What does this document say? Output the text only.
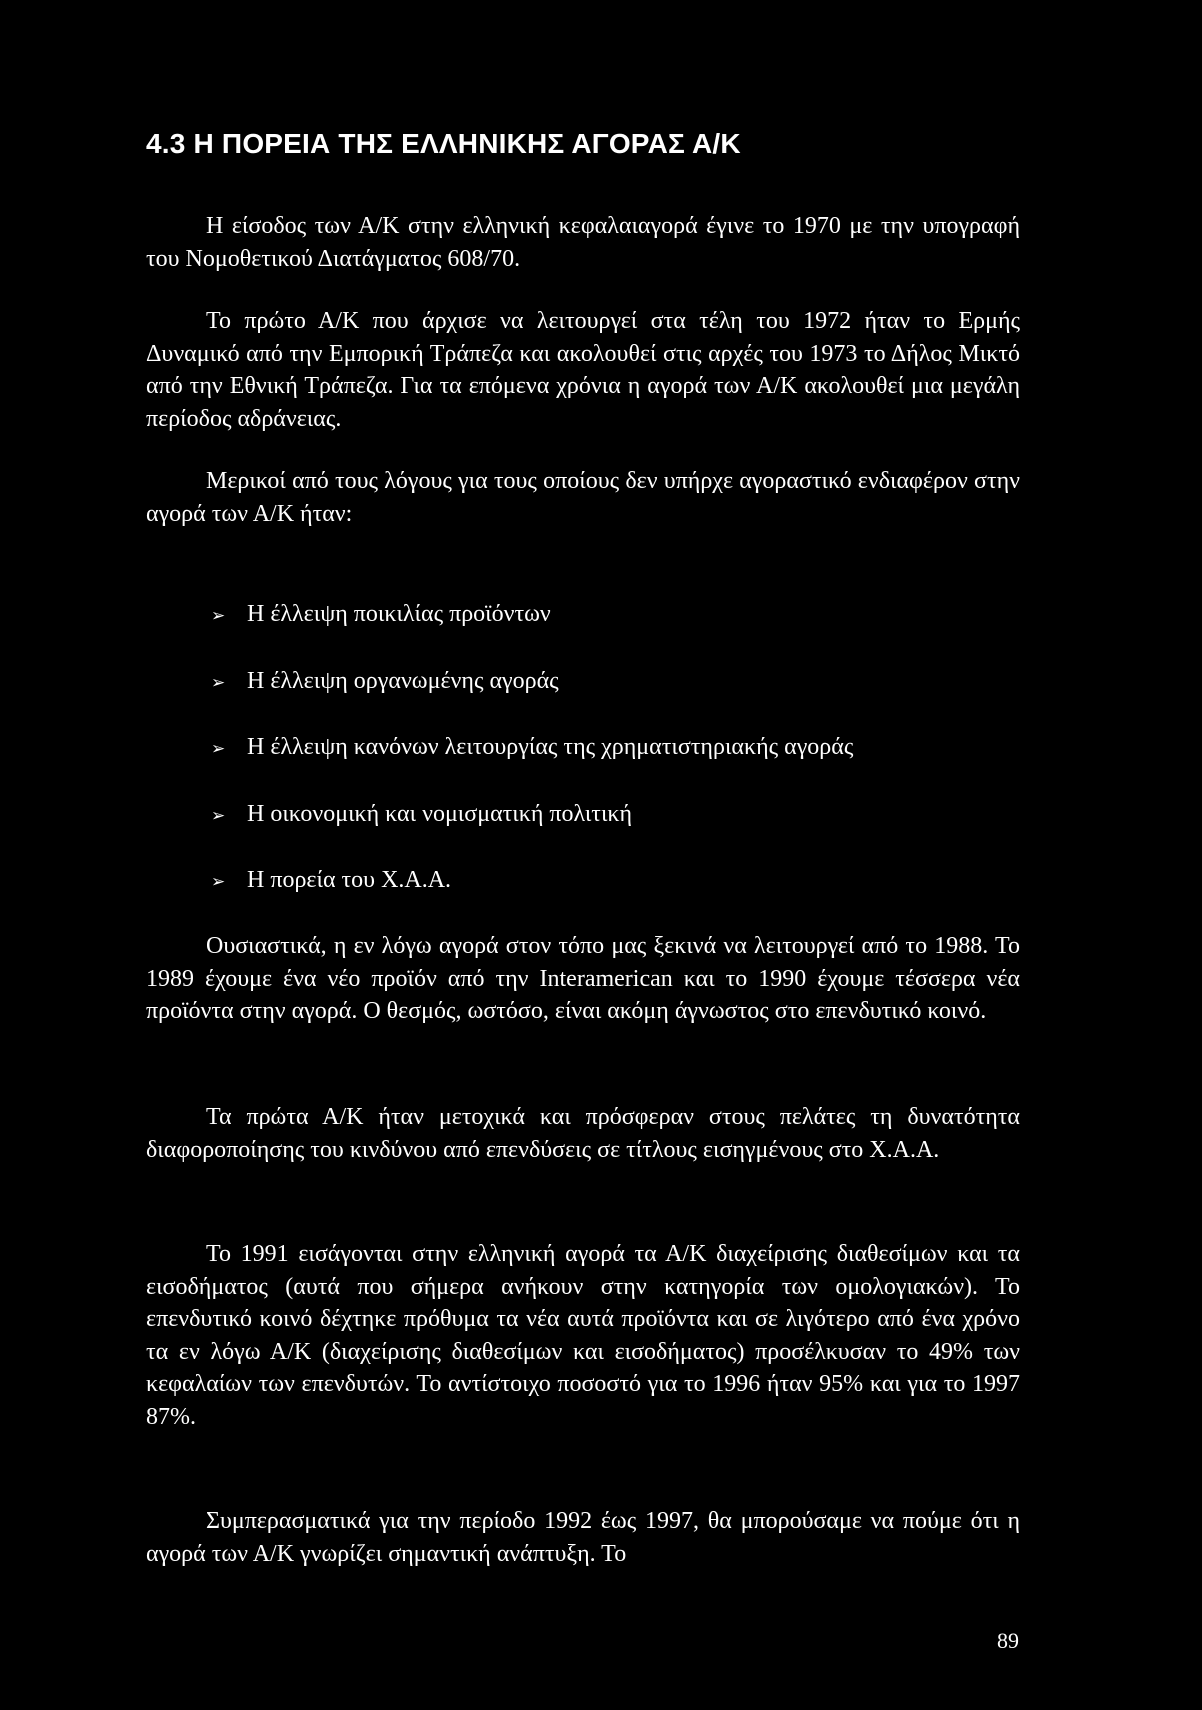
4.3 Η ΠΟΡΕΙΑ ΤΗΣ ΕΛΛΗΝΙΚΗΣ ΑΓΟΡΑΣ Α/Κ

Η είσοδος των Α/Κ στην ελληνική κεφαλαιαγορά έγινε το 1970 με την υπογραφή του Νομοθετικού Διατάγματος 608/70.

Το πρώτο Α/Κ που άρχισε να λειτουργεί στα τέλη του 1972 ήταν το Ερμής Δυναμικό από την Εμπορική Τράπεζα και ακολουθεί στις αρχές του 1973 το Δήλος Μικτό από την Εθνική Τράπεζα. Για τα επόμενα χρόνια η αγορά των Α/Κ ακολουθεί μια μεγάλη περίοδος αδράνειας.

Μερικοί από τους λόγους για τους οποίους δεν υπήρχε αγοραστικό ενδιαφέρον στην αγορά των Α/Κ ήταν:

➢ Η έλλειψη ποικιλίας προϊόντων
➢ Η έλλειψη οργανωμένης αγοράς
➢ Η έλλειψη κανόνων λειτουργίας της χρηματιστηριακής αγοράς
➢ Η οικονομική και νομισματική πολιτική
➢ Η πορεία του Χ.Α.Α.

Ουσιαστικά, η εν λόγω αγορά στον τόπο μας ξεκινά να λειτουργεί από το 1988. Το 1989 έχουμε ένα νέο προϊόν από την Interamerican και το 1990 έχουμε τέσσερα νέα προϊόντα στην αγορά. Ο θεσμός, ωστόσο, είναι ακόμη άγνωστος στο επενδυτικό κοινό.

Τα πρώτα Α/Κ ήταν μετοχικά και πρόσφεραν στους πελάτες τη δυνατότητα διαφοροποίησης του κινδύνου από επενδύσεις σε τίτλους εισηγμένους στο Χ.Α.Α.

Το 1991 εισάγονται στην ελληνική αγορά τα Α/Κ διαχείρισης διαθεσίμων και τα εισοδήματος (αυτά που σήμερα ανήκουν στην κατηγορία των ομολογιακών). Το επενδυτικό κοινό δέχτηκε πρόθυμα τα νέα αυτά προϊόντα και σε λιγότερο από ένα χρόνο τα εν λόγω Α/Κ (διαχείρισης διαθεσίμων και εισοδήματος) προσέλκυσαν το 49% των κεφαλαίων των επενδυτών. Το αντίστοιχο ποσοστό για το 1996 ήταν 95% και για το 1997 87%.

Συμπερασματικά για την περίοδο 1992 έως 1997, θα μπορούσαμε να πούμε ότι η αγορά των Α/Κ γνωρίζει σημαντική ανάπτυξη. Το

89
